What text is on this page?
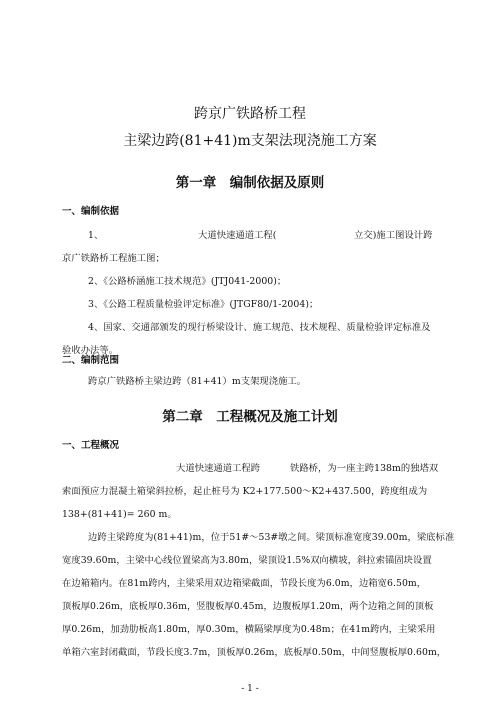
跨京广铁路桥工程
主梁边跨(81+41)m支架法现浇施工方案
第一章　编制依据及原则
一、编制依据
1、	大道快速通道工程(	立交)施工图设计跨
京广铁路桥工程施工图；
2、《公路桥涵施工技术规范》(JTJ041-2000)；
3、《公路工程质量检验评定标准》(JTGF80/1-2004)；
4、国家、交通部颁发的现行桥梁设计、施工规范、技术规程、质量检验评定标准及
验收办法等。
二、编制范围
跨京广铁路桥主梁边跨（81+41）m支架现浇施工。
第二章　工程概况及施工计划
一、工程概况
大道快速通道工程跨	铁路桥，为一座主跨138m的独塔双
索面预应力混凝土箱梁斜拉桥，起止桩号为 K2+177.500～K2+437.500，跨度组成为
138+(81+41)= 260 m。
边跨主梁跨度为(81+41)m，位于51#～53#墩之间。梁顶标准宽度39.00m，梁底标准
宽度39.60m，主梁中心线位置梁高为3.80m，梁顶设1.5%双向横坡，斜拉索锚固块设置
在边箱箱内。在81m跨内，主梁采用双边箱梁截面，节段长度为6.0m，边箱宽6.50m，
顶板厚0.26m，底板厚0.36m，竖腹板厚0.45m，边腹板厚1.20m，两个边箱之间的顶板
厚0.26m，加劲肋板高1.80m，厚0.30m，横隔梁厚度为0.48m；在41m跨内，主梁采用
单箱六室封闭截面，节段长度3.7m，顶板厚0.26m，底板厚0.50m，中间竖腹板厚0.60m，
- 1 -
